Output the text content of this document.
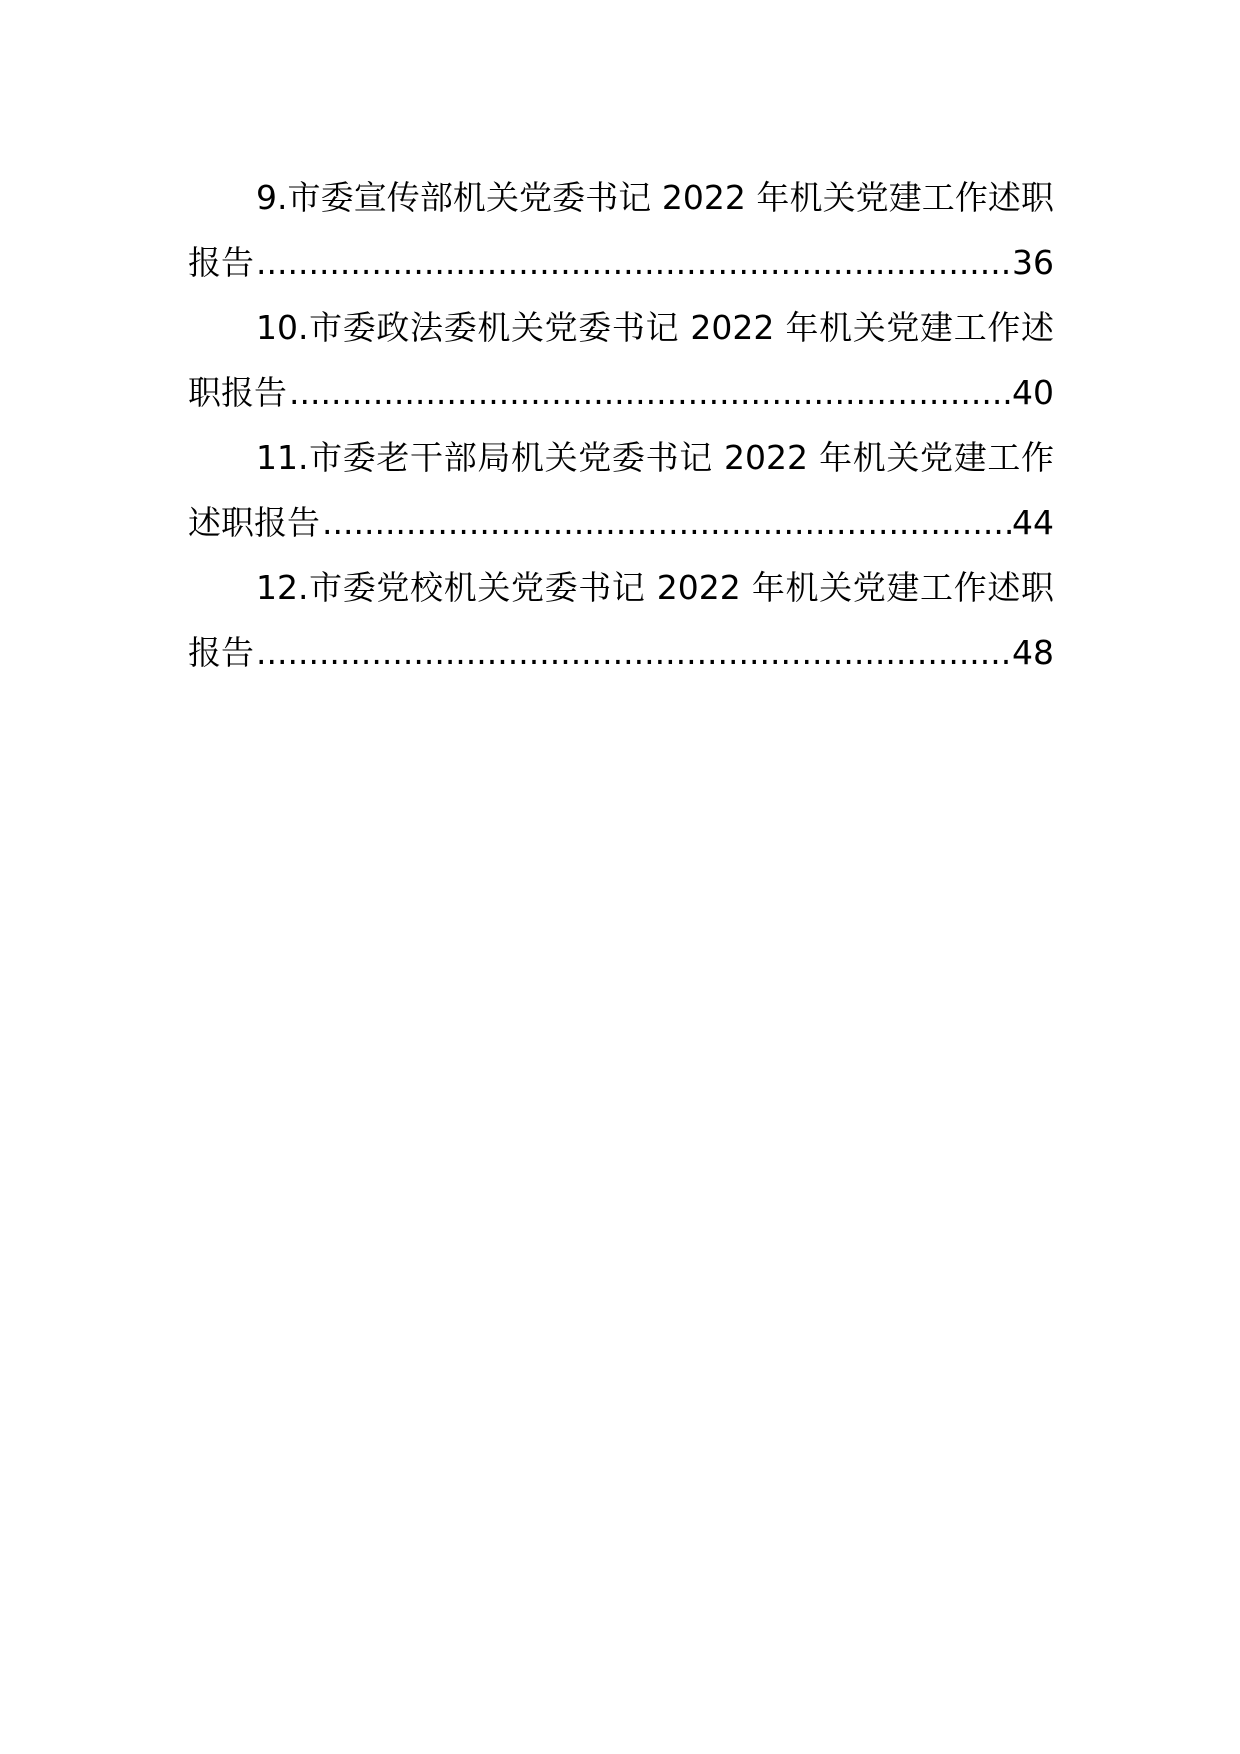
9.市委宣传部机关党委书记 2022 年机关党建工作述职
报告 .....	36
10.市委政法委机关党委书记 2022 年机关党建工作述
职报告 .....	40
11.市委老干部局机关党委书记 2022 年机关党建工作
述职报告 .....	44
12.市委党校机关党委书记 2022 年机关党建工作述职
报告 .....	48
